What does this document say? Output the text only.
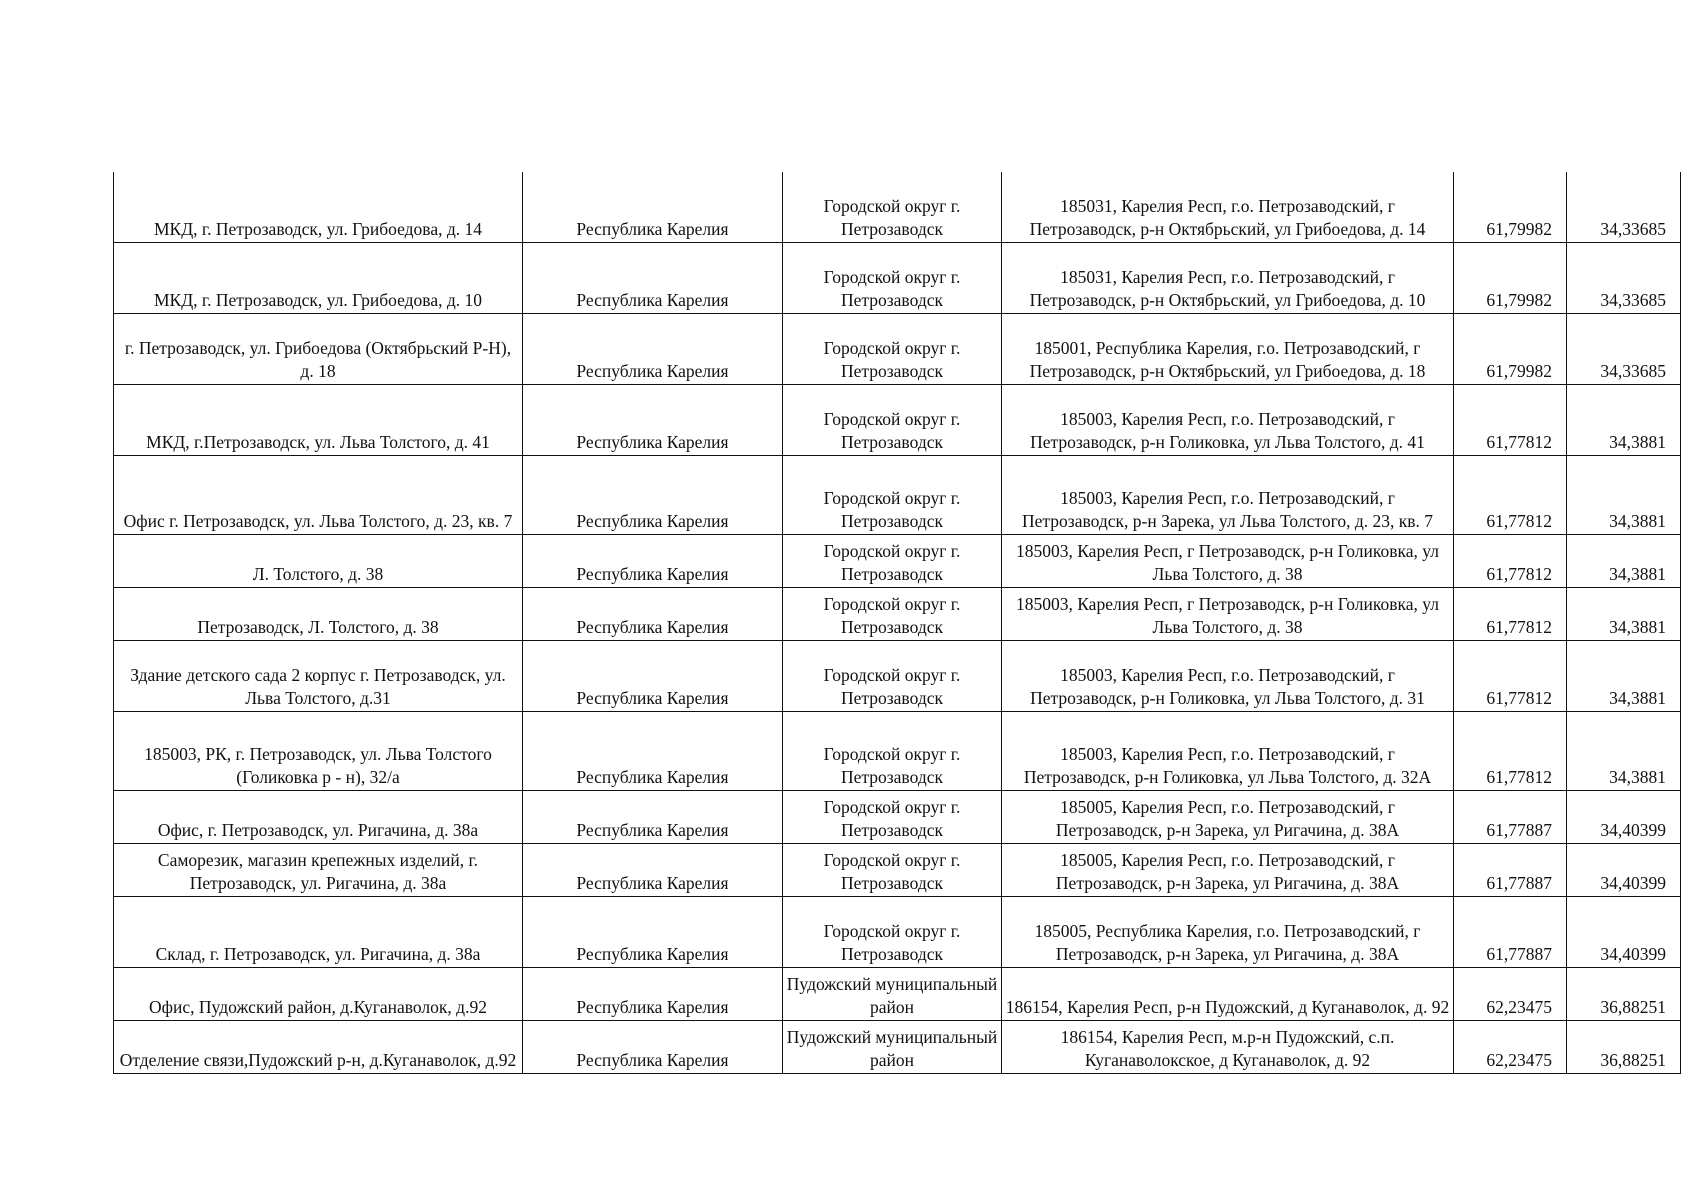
МКД, г. Петрозаводск, ул. Грибоедова, д. 14	Республика Карелия	Городской округ г. Петрозаводск	185031, Карелия Респ, г.о. Петрозаводский, г Петрозаводск, р-н Октябрьский, ул Грибоедова, д. 14	61,79982	34,33685
МКД, г. Петрозаводск, ул. Грибоедова, д. 10	Республика Карелия	Городской округ г. Петрозаводск	185031, Карелия Респ, г.о. Петрозаводский, г Петрозаводск, р-н Октябрьский, ул Грибоедова, д. 10	61,79982	34,33685
г. Петрозаводск, ул. Грибоедова (Октябрьский Р-Н), д. 18	Республика Карелия	Городской округ г. Петрозаводск	185001, Республика Карелия, г.о. Петрозаводский, г Петрозаводск, р-н Октябрьский, ул Грибоедова, д. 18	61,79982	34,33685
МКД, г.Петрозаводск, ул. Льва Толстого, д. 41	Республика Карелия	Городской округ г. Петрозаводск	185003, Карелия Респ, г.о. Петрозаводский, г Петрозаводск, р-н Голиковка, ул Льва Толстого, д. 41	61,77812	34,3881
Офис г. Петрозаводск, ул. Льва Толстого, д. 23, кв. 7	Республика Карелия	Городской округ г. Петрозаводск	185003, Карелия Респ, г.о. Петрозаводский, г Петрозаводск, р-н Зарека, ул Льва Толстого, д. 23, кв. 7	61,77812	34,3881
Л. Толстого, д. 38	Республика Карелия	Городской округ г. Петрозаводск	185003, Карелия Респ, г Петрозаводск, р-н Голиковка, ул Льва Толстого, д. 38	61,77812	34,3881
Петрозаводск, Л. Толстого, д. 38	Республика Карелия	Городской округ г. Петрозаводск	185003, Карелия Респ, г Петрозаводск, р-н Голиковка, ул Льва Толстого, д. 38	61,77812	34,3881
Здание детского сада 2 корпус г. Петрозаводск, ул. Льва Толстого, д.31	Республика Карелия	Городской округ г. Петрозаводск	185003, Карелия Респ, г.о. Петрозаводский, г Петрозаводск, р-н Голиковка, ул Льва Толстого, д. 31	61,77812	34,3881
185003, РК, г. Петрозаводск, ул. Льва Толстого (Голиковка р - н), 32/а	Республика Карелия	Городской округ г. Петрозаводск	185003, Карелия Респ, г.о. Петрозаводский, г Петрозаводск, р-н Голиковка, ул Льва Толстого, д. 32А	61,77812	34,3881
Офис, г. Петрозаводск, ул. Ригачина, д. 38а	Республика Карелия	Городской округ г. Петрозаводск	185005, Карелия Респ, г.о. Петрозаводский, г Петрозаводск, р-н Зарека, ул Ригачина, д. 38А	61,77887	34,40399
Саморезик, магазин крепежных изделий, г. Петрозаводск, ул. Ригачина, д. 38а	Республика Карелия	Городской округ г. Петрозаводск	185005, Карелия Респ, г.о. Петрозаводский, г Петрозаводск, р-н Зарека, ул Ригачина, д. 38А	61,77887	34,40399
Склад, г. Петрозаводск, ул. Ригачина, д. 38а	Республика Карелия	Городской округ г. Петрозаводск	185005, Республика Карелия, г.о. Петрозаводский, г Петрозаводск, р-н Зарека, ул Ригачина, д. 38А	61,77887	34,40399
Офис, Пудожский район, д.Куганаволок, д.92	Республика Карелия	Пудожский муниципальный район	186154, Карелия Респ, р-н Пудожский, д Куганаволок, д. 92	62,23475	36,88251
Отделение связи,Пудожский р-н, д.Куганаволок, д.92	Республика Карелия	Пудожский муниципальный район	186154, Карелия Респ, м.р-н Пудожский, с.п. Куганаволокское, д Куганаволок, д. 92	62,23475	36,88251
